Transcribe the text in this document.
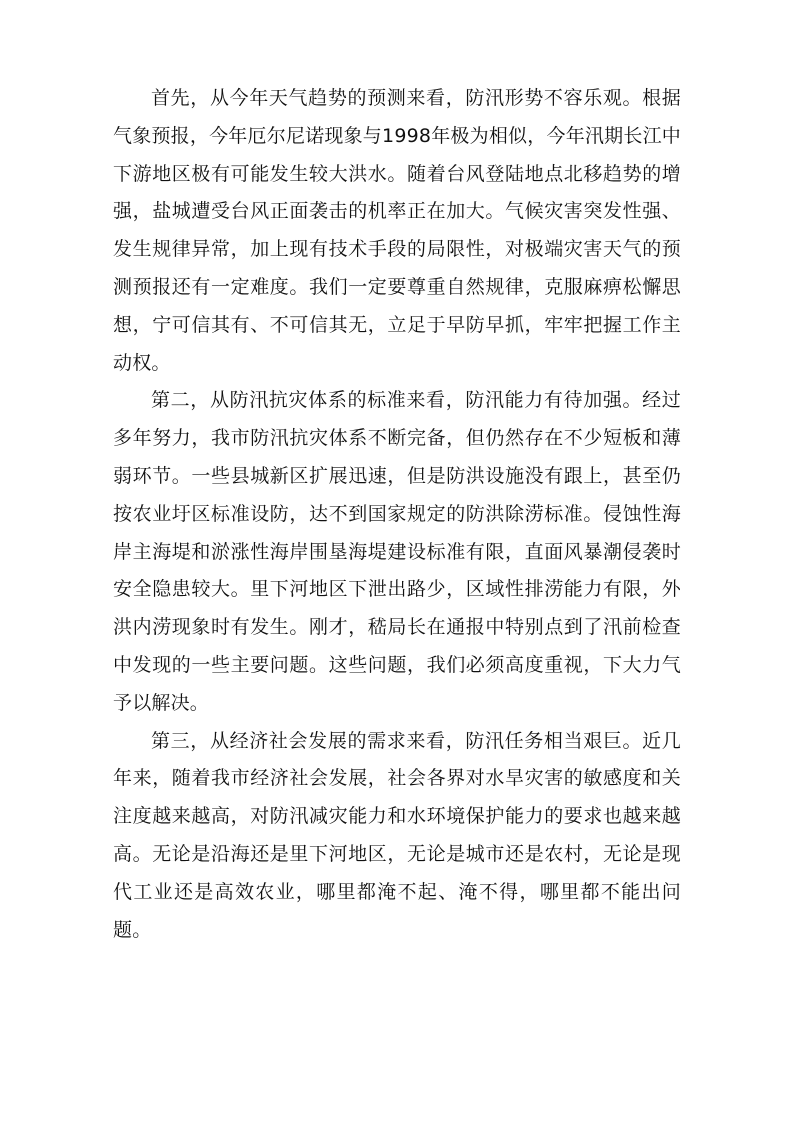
首先，从今年天气趋势的预测来看，防汛形势不容乐观。根据气象预报，今年厄尔尼诺现象与1998年极为相似，今年汛期长江中下游地区极有可能发生较大洪水。随着台风登陆地点北移趋势的增强，盐城遭受台风正面袭击的机率正在加大。气候灾害突发性强、发生规律异常，加上现有技术手段的局限性，对极端灾害天气的预测预报还有一定难度。我们一定要尊重自然规律，克服麻痹松懈思想，宁可信其有、不可信其无，立足于早防早抓，牢牢把握工作主动权。

第二，从防汛抗灾体系的标准来看，防汛能力有待加强。经过多年努力，我市防汛抗灾体系不断完备，但仍然存在不少短板和薄弱环节。一些县城新区扩展迅速，但是防洪设施没有跟上，甚至仍按农业圩区标准设防，达不到国家规定的防洪除涝标准。侵蚀性海岸主海堤和淤涨性海岸围垦海堤建设标准有限，直面风暴潮侵袭时安全隐患较大。里下河地区下泄出路少，区域性排涝能力有限，外洪内涝现象时有发生。刚才，嵇局长在通报中特别点到了汛前检查中发现的一些主要问题。这些问题，我们必须高度重视，下大力气予以解决。

第三，从经济社会发展的需求来看，防汛任务相当艰巨。近几年来，随着我市经济社会发展，社会各界对水旱灾害的敏感度和关注度越来越高，对防汛减灾能力和水环境保护能力的要求也越来越高。无论是沿海还是里下河地区，无论是城市还是农村，无论是现代工业还是高效农业，哪里都淹不起、淹不得，哪里都不能出问题。
